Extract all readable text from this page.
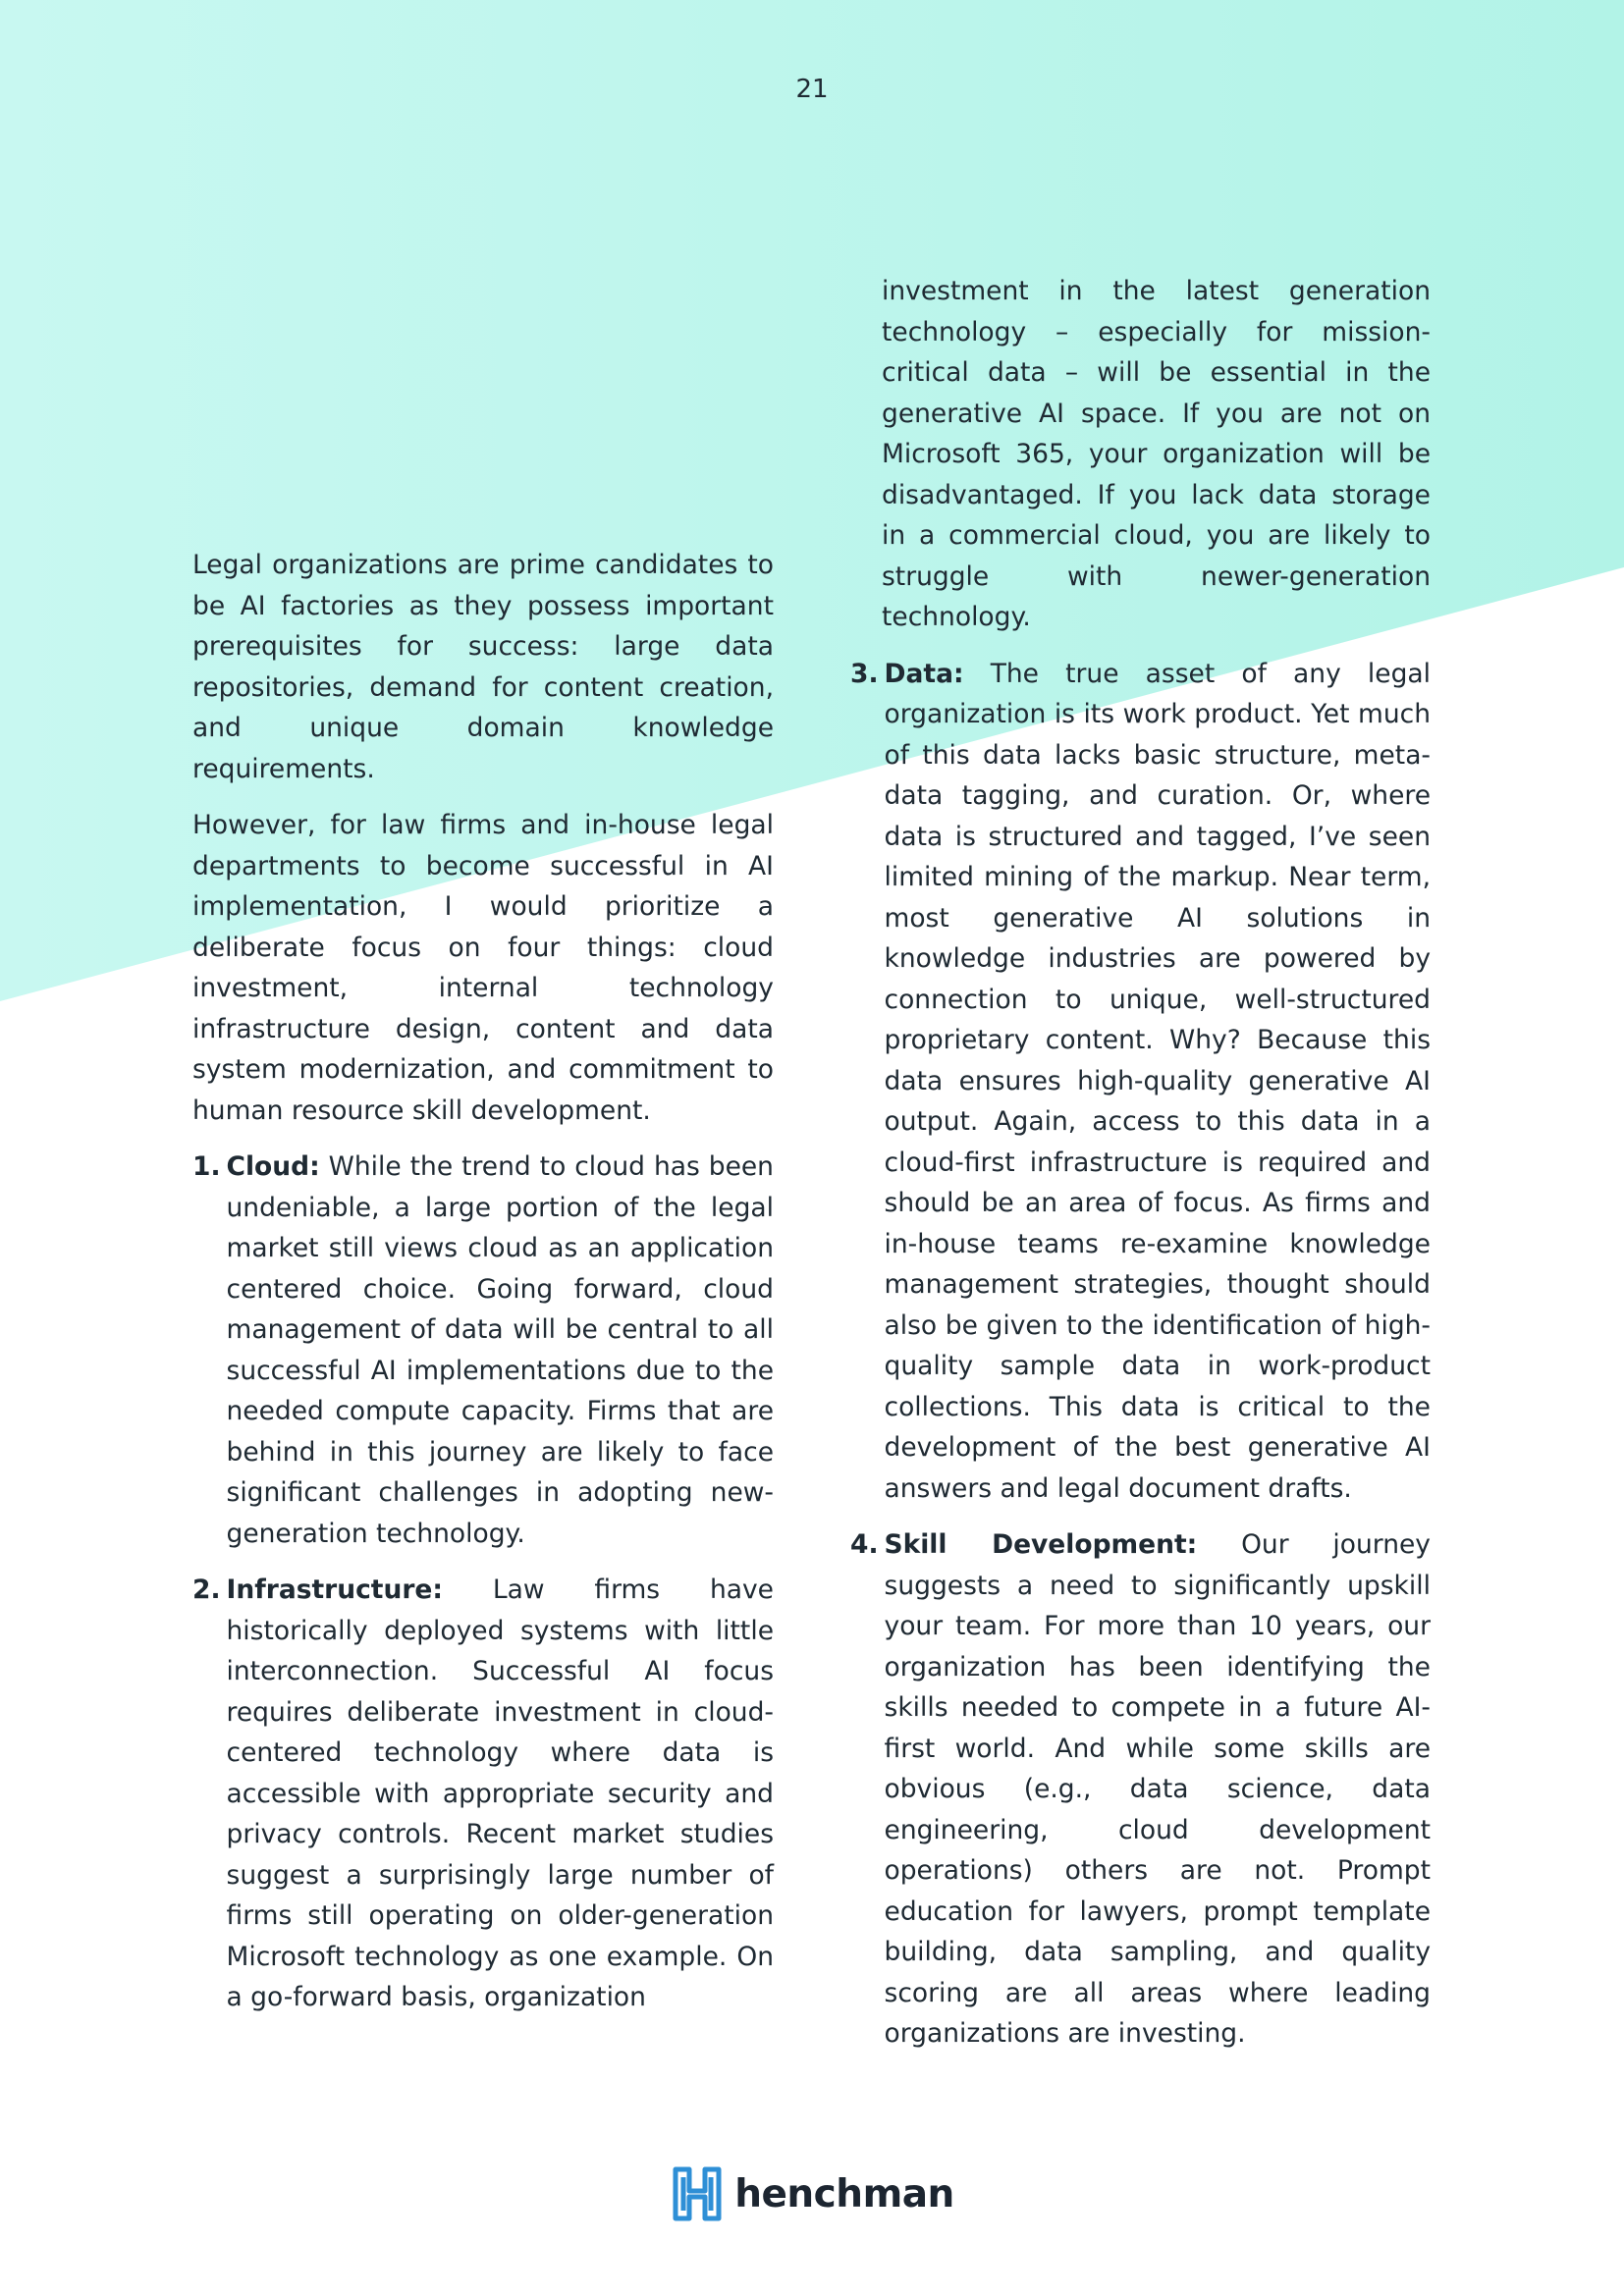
21

Legal organizations are prime candidates to be AI factories as they possess important prerequisites for success: large data repositories, demand for content creation, and unique domain knowledge requirements.

However, for law firms and in-house legal departments to become successful in AI implementation, I would prioritize a deliberate focus on four things: cloud investment, internal technology infrastructure design, content and data system modernization, and commitment to human resource skill development.

1. Cloud: While the trend to cloud has been undeniable, a large portion of the legal market still views cloud as an application centered choice. Going forward, cloud management of data will be central to all successful AI implementations due to the needed compute capacity. Firms that are behind in this journey are likely to face significant challenges in adopting new-generation technology.
2. Infrastructure: Law firms have historically deployed systems with little interconnection. Successful AI focus requires deliberate investment in cloud-centered technology where data is accessible with appropriate security and privacy controls. Recent market studies suggest a surprisingly large number of firms still operating on older-generation Microsoft technology as one example. On a go-forward basis, organization

investment in the latest generation technology – especially for mission-critical data – will be essential in the generative AI space. If you are not on Microsoft 365, your organization will be disadvantaged. If you lack data storage in a commercial cloud, you are likely to struggle with newer-generation technology.

3. Data: The true asset of any legal organization is its work product. Yet much of this data lacks basic structure, meta-data tagging, and curation. Or, where data is structured and tagged, I’ve seen limited mining of the markup. Near term, most generative AI solutions in knowledge industries are powered by connection to unique, well-structured proprietary content. Why? Because this data ensures high-quality generative AI output. Again, access to this data in a cloud-first infrastructure is required and should be an area of focus. As firms and in-house teams re-examine knowledge management strategies, thought should also be given to the identification of high-quality sample data in work-product collections. This data is critical to the development of the best generative AI answers and legal document drafts.
4. Skill Development: Our journey suggests a need to significantly upskill your team. For more than 10 years, our organization has been identifying the skills needed to compete in a future AI-first world. And while some skills are obvious (e.g., data science, data engineering, cloud development operations) others are not. Prompt education for lawyers, prompt template building, data sampling, and quality scoring are all areas where leading organizations are investing.
henchman
